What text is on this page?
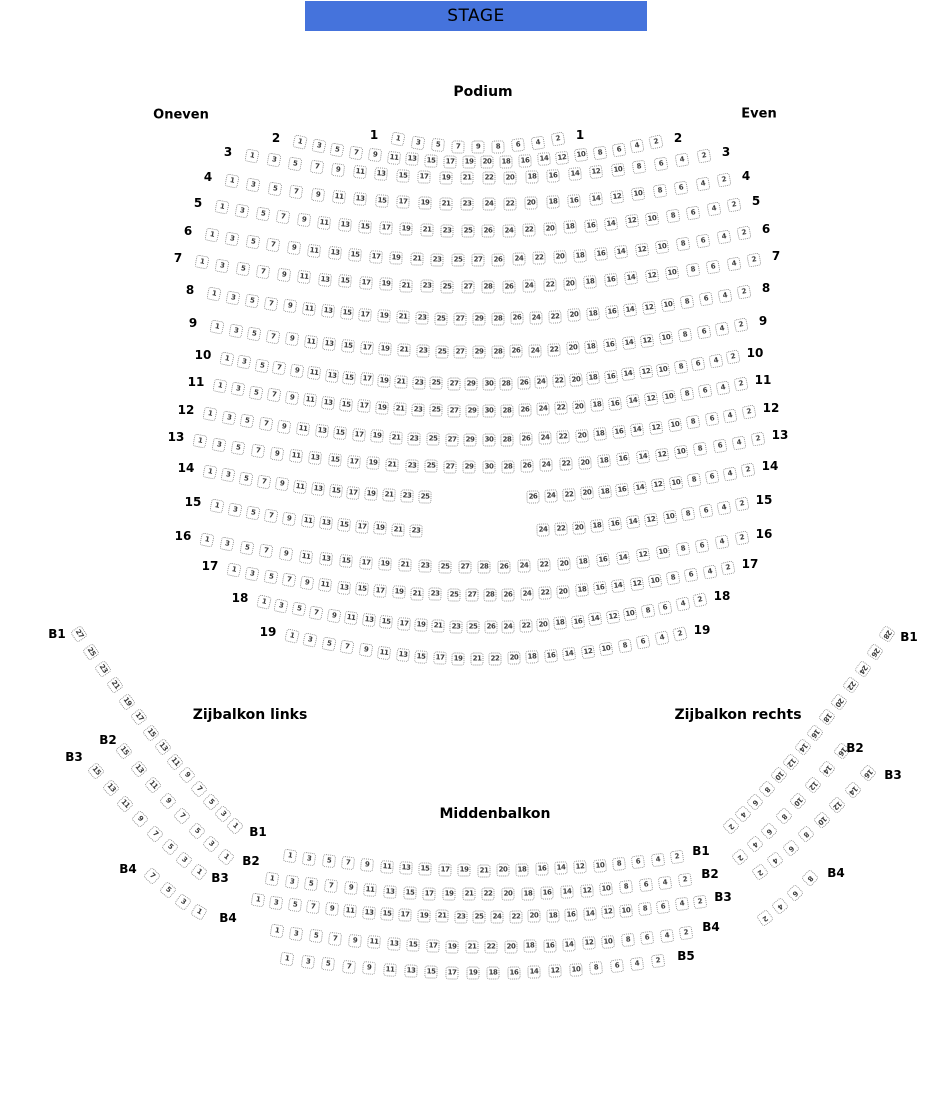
STAGE
Podium
Oneven	Even
Zijbalkon links	Zijbalkon rechts
Middenbalkon
1	3	5	7	9	8	6	4	2
1	1
1	3	5	7	9	11	13	15	17	19	20	18	16	14	12	10	8	6	4	2
2	2
1	3	5	7	9	11	13	15	17	19	21	22	20	18	16	14	12	10	8	6	4	2
3	3
1	3	5	7	9	11	13	15	17	19	21	23	24	22	20	18	16	14	12	10	8	6	4	2
4	4
1	3	5	7	9	11	13	15	17	19	21	23	25	26	24	22	20	18	16	14	12	10	8	6	4	2
5	5
1	3	5	7	9	11	13	15	17	19	21	23	25	27	26	24	22	20	18	16	14	12	10	8	6	4	2
6	6
1	3	5	7	9	11	13	15	17	19	21	23	25	27	28	26	24	22	20	18	16	14	12	10	8	6	4	2
7	7
1	3	5	7	9	11	13	15	17	19	21	23	25	27	29	28	26	24	22	20	18	16	14	12	10	8	6	4	2
8	8
1	3	5	7	9	11	13	15	17	19	21	23	25	27	29	28	26	24	22	20	18	16	14	12	10	8	6	4	2
9	9
1	3	5	7	9	11	13	15	17	19	21	23	25	27	29	30	28	26	24	22	20	18	16	14	12	10	8	6	4	2
10	10
1	3	5	7	9	11	13	15	17	19	21	23	25	27	29	30	28	26	24	22	20	18	16	14	12	10	8	6	4	2
11	11
1	3	5	7	9	11	13	15	17	19	21	23	25	27	29	30	28	26	24	22	20	18	16	14	12	10	8	6	4	2
12	12
1	3	5	7	9	11	13	15	17	19	21	23	25	27	29	30	28	26	24	22	20	18	16	14	12	10	8	6	4	2
13	13
1	3	5	7	9	11	13	15	17	19	21	23	25	26	24	22	20	18	16	14	12	10	8	6	4	2
14	14
1	3	5	7	9	11	13	15	17	19	21	23	24	22	20	18	16	14	12	10	8	6	4	2
15	15
1	3	5	7	9	11	13	15	17	19	21	23	25	27	28	26	24	22	20	18	16	14	12	10	8	6	4	2
16	16
1	3	5	7	9	11	13	15	17	19	21	23	25	27	28	26	24	22	20	18	16	14	12	10	8	6	4	2
17	17
1	3	5	7	9	11	13	15	17	19	21	23	25	26	24	22	20	18	16	14	12	10	8	6	4	2
18	18
1	3	5	7	9	11	13	15	17	19	21	22	20	18	16	14	12	10	8	6	4
2
19	19
27
25
23
21
19
17
15
13
11
9
7
5
3
1
B1
B1
15
13
11
9
7
5
3
1
B2
B2
15
13
11
9
7
5
3
1
B3
B3
7
5
3
1
B4
B4
28
26
24
22
20
18
16
14
12
10
8
6
4
2
B1
16
14
12
10
8
6
4
2
B2
16
14
12
10
8
6
4
2
B3
8
6
4
2
B4
1	3	5	7	9	11	13	15	17	19	21	20	18	16	14	12	10	8	6	4	2	B1
1	3	5	7	9	11	13	15	17	19	21	22	20	18	16	14	12	10	8	6	4	2	B2
1	3	5	7	9	11	13	15	17	19	21	23	25	24	22	20	18	16	14	12	10	8	6	4	2 B3
1	3	5	7	9	11	13	15	17	19	21	22	20	18	16	14	12	10	8	6	4	2	B4
1	3	5	7	9	11	13	15	17	19	18	16	14	12	10	8	6	4	2	B5
